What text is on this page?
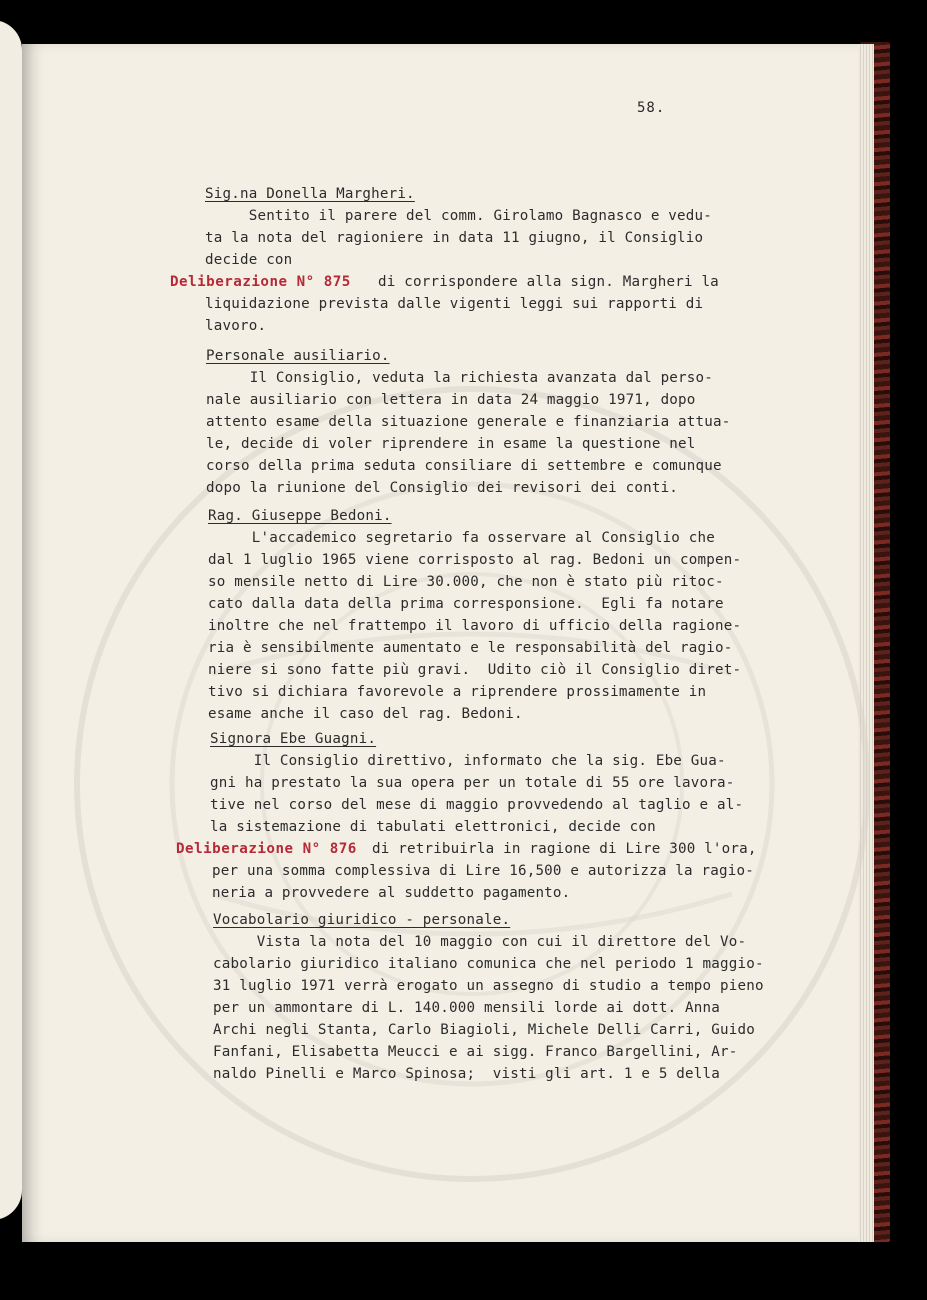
58.
Sig.na Donella Margheri.
Sentito il parere del comm. Girolamo Bagnasco e vedu-
ta la nota del ragioniere in data 11 giugno, il Consiglio
decide con
Deliberazione N° 875 di corrispondere alla sign. Margheri la
liquidazione prevista dalle vigenti leggi sui rapporti di
lavoro.
Personale ausiliario.
Il Consiglio, veduta la richiesta avanzata dal perso-
nale ausiliario con lettera in data 24 maggio 1971, dopo
attento esame della situazione generale e finanziaria attua-
le, decide di voler riprendere in esame la questione nel
corso della prima seduta consiliare di settembre e comunque
dopo la riunione del Consiglio dei revisori dei conti.
Rag. Giuseppe Bedoni.
L'accademico segretario fa osservare al Consiglio che
dal 1 luglio 1965 viene corrisposto al rag. Bedoni un compen-
so mensile netto di Lire 30.000, che non è stato più ritoc-
cato dalla data della prima corresponsione.  Egli fa notare
inoltre che nel frattempo il lavoro di ufficio della ragione-
ria è sensibilmente aumentato e le responsabilità del ragio-
niere si sono fatte più gravi.  Udito ciò il Consiglio diret-
tivo si dichiara favorevole a riprendere prossimamente in
esame anche il caso del rag. Bedoni.
Signora Ebe Guagni.
Il Consiglio direttivo, informato che la sig. Ebe Gua-
gni ha prestato la sua opera per un totale di 55 ore lavora-
tive nel corso del mese di maggio provvedendo al taglio e al-
la sistemazione di tabulati elettronici, decide con
Deliberazione N° 876 di retribuirla in ragione di Lire 300 l'ora,
per una somma complessiva di Lire 16,500 e autorizza la ragio-
neria a provvedere al suddetto pagamento.
Vocabolario giuridico - personale.
Vista la nota del 10 maggio con cui il direttore del Vo-
cabolario giuridico italiano comunica che nel periodo 1 maggio-
31 luglio 1971 verrà erogato un assegno di studio a tempo pieno
per un ammontare di L. 140.000 mensili lorde ai dott. Anna
Archi negli Stanta, Carlo Biagioli, Michele Delli Carri, Guido
Fanfani, Elisabetta Meucci e ai sigg. Franco Bargellini, Ar-
naldo Pinelli e Marco Spinosa;  visti gli art. 1 e 5 della
